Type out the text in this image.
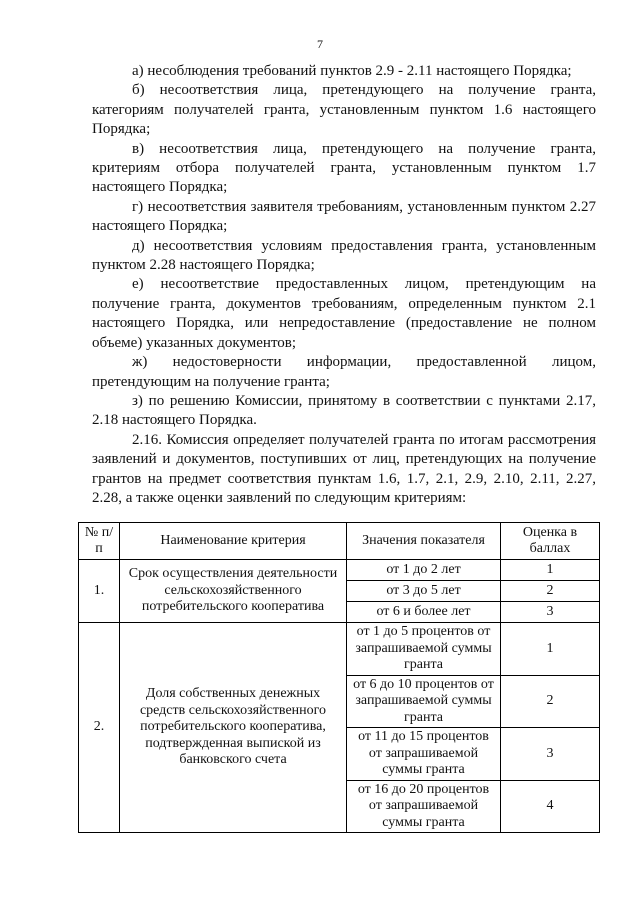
7

а) несоблюдения требований пунктов 2.9 - 2.11 настоящего Порядка;

б) несоответствия лица, претендующего на получение гранта, категориям получателей гранта, установленным пунктом 1.6 настоящего Порядка;

в) несоответствия лица, претендующего на получение гранта, критериям отбора получателей гранта, установленным пунктом 1.7 настоящего Порядка;

г) несоответствия заявителя требованиям, установленным пунктом 2.27 настоящего Порядка;

д) несоответствия условиям предоставления гранта, установленным пунктом 2.28 настоящего Порядка;

е) несоответствие предоставленных лицом, претендующим на получение гранта, документов требованиям, определенным пунктом 2.1 настоящего Порядка, или непредоставление (предоставление не полном объеме) указанных документов;

ж) недостоверности информации, предоставленной лицом, претендующим на получение гранта;

з) по решению Комиссии, принятому в соответствии с пунктами 2.17, 2.18 настоящего Порядка.

2.16. Комиссия определяет получателей гранта по итогам рассмотрения заявлений и документов, поступивших от лиц, претендующих на получение грантов на предмет соответствия пунктам 1.6, 1.7, 2.1, 2.9, 2.10, 2.11, 2.27, 2.28, а также оценки заявлений по следующим критериям:

№ п/п	Наименование критерия	Значения показателя	Оценка в баллах
1.	Срок осуществления деятельности сельскохозяйственного потребительского кооператива	от 1 до 2 лет	1
		от 3 до 5 лет	2
		от 6 и более лет	3
2.	Доля собственных денежных средств сельскохозяйственного потребительского кооператива, подтвержденная выпиской из банковского счета	от 1 до 5 процентов от запрашиваемой суммы гранта	1
		от 6 до 10 процентов от запрашиваемой суммы гранта	2
		от 11 до 15 процентов от запрашиваемой суммы гранта	3
		от 16 до 20 процентов от запрашиваемой суммы гранта	4
